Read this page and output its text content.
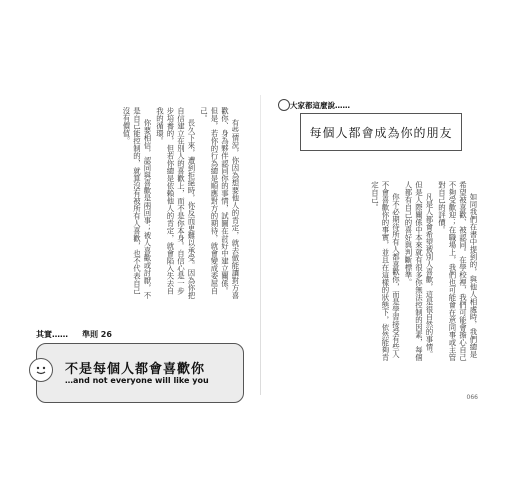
有些情況，你因為想要他人的肯定，就去做能讓對方喜歡你、身為夥伴認同你的事情，試圖在討好中建立關係。但是，若你的行為總是順應對方的期待，就會變成委屈自己。

長久下來，遭到拒絕時，你反而更難以承受。因為你把自信建立在別人的喜歡上，而不是你本身。自信心是一步步培養的，但若你總是依賴他人的肯定，就會陷入失去自我的循環。

你要相信，認同與喜歡是兩回事；被人喜歡或討厭，不是自己能控制的，就算沒有被所有人喜歡，也不代表自己沒有價值。

其實…… 準則 26
不是每個人都會喜歡你
…and not everyone will like you
大家都這麼說……
每個人都會成為你的朋友

如同我們在書中提到的，與他人相處時，我們總是希望被喜歡、被認同。在學校裡，我們可能會擔心自己不夠受歡迎；在職場上，我們也可能會在意同事或主管對自己的評價。

凡是人都會希望被別人喜歡，這是很自然的事情。但是人際關係中本來就有很多你無法控制的因素，每個人都有自己的喜好與判斷標準。

你不必期待所有人都喜歡你，而是學習接受有些人不會喜歡你的事實，並且在這樣的狀態下，依然能夠肯定自己。

066
